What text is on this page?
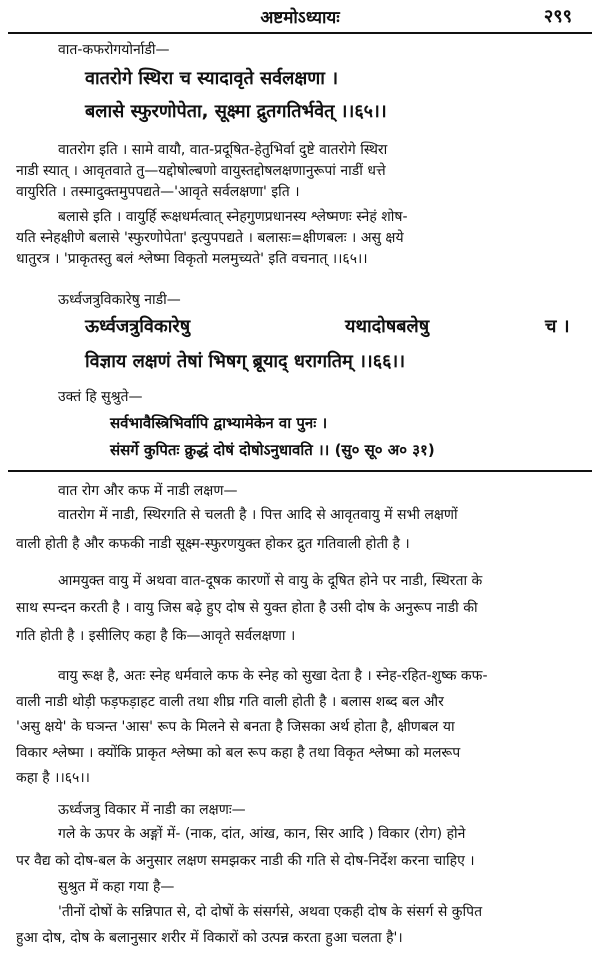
अष्टमोऽध्यायः	२९९
वात-कफरोगयोर्नाडी—
वातरोगे स्थिरा च स्यादावृते सर्वलक्षणा ।
बलासे स्फुरणोपेता, सूक्ष्मा द्रुतगतिर्भवेत् ।।६५।।
वातरोग इति । सामे वायौ, वात-प्रदूषित-हेतुभिर्वा दुष्टे वातरोगे स्थिरा
नाडी स्यात् । आवृतवाते तु—यद्दोषोल्बणो वायुस्तद्दोषलक्षणानुरूपां नाडीं धत्ते
वायुरिति । तस्मादुक्तमुपपद्यते—'आवृते सर्वलक्षणा' इति ।
बलासे इति । वायुर्हि रूक्षधर्मत्वात् स्नेहगुणप्रधानस्य श्लेष्मणः स्नेहं शोष-
यति स्नेहक्षीणे बलासे 'स्फुरणोपेता' इत्युपपद्यते । बलासः=क्षीणबलः । असु क्षये
धातुरत्र । 'प्राकृतस्तु बलं श्लेष्मा विकृतो मलमुच्यते' इति वचनात् ।।६५।।
ऊर्ध्वजत्रुविकारेषु नाडी—
ऊर्ध्वजत्रुविकारेषु	यथादोषबलेषु	च ।
विज्ञाय लक्षणं तेषां भिषग् ब्रूयाद् धरागतिम् ।।६६।।
उक्तं हि सुश्रुते—
सर्वभावैस्त्रिभिर्वापि द्वाभ्यामेकेन वा पुनः ।
संसर्गे कुपितः क्रुद्धं दोषं दोषोऽनुधावति ।। (सु० सू० अ० ३१)
वात रोग और कफ में नाडी लक्षण—
वातरोग में नाडी, स्थिरगति से चलती है । पित्त आदि से आवृतवायु में सभी लक्षणों
वाली होती है और कफकी नाडी सूक्ष्म-स्फुरणयुक्त होकर द्रुत गतिवाली होती है ।
आमयुक्त वायु में अथवा वात-दूषक कारणों से वायु के दूषित होने पर नाडी, स्थिरता के
साथ स्पन्दन करती है । वायु जिस बढ़े हुए दोष से युक्त होता है उसी दोष के अनुरूप नाडी की
गति होती है । इसीलिए कहा है कि—आवृते सर्वलक्षणा ।
वायु रूक्ष है, अतः स्नेह धर्मवाले कफ के स्नेह को सुखा देता है । स्नेह-रहित-शुष्क कफ-
वाली नाडी थोड़ी फड़फड़ाहट वाली तथा शीघ्र गति वाली होती है । बलास शब्द बल और
'असु क्षये' के घञन्त 'आस' रूप के मिलने से बनता है जिसका अर्थ होता है, क्षीणबल या
विकार श्लेष्मा । क्योंकि प्राकृत श्लेष्मा को बल रूप कहा है तथा विकृत श्लेष्मा को मलरूप
कहा है ।।६५।।
ऊर्ध्वजत्रु विकार में नाडी का लक्षणः—
गले के ऊपर के अङ्गों में- (नाक, दांत, आंख, कान, सिर आदि ) विकार (रोग) होने
पर वैद्य को दोष-बल के अनुसार लक्षण समझकर नाडी की गति से दोष-निर्देश करना चाहिए ।
सुश्रुत में कहा गया है—
'तीनों दोषों के सन्निपात से, दो दोषों के संसर्गसे, अथवा एकही दोष के संसर्ग से कुपित
हुआ दोष, दोष के बलानुसार शरीर में विकारों को उत्पन्न करता हुआ चलता है'।
